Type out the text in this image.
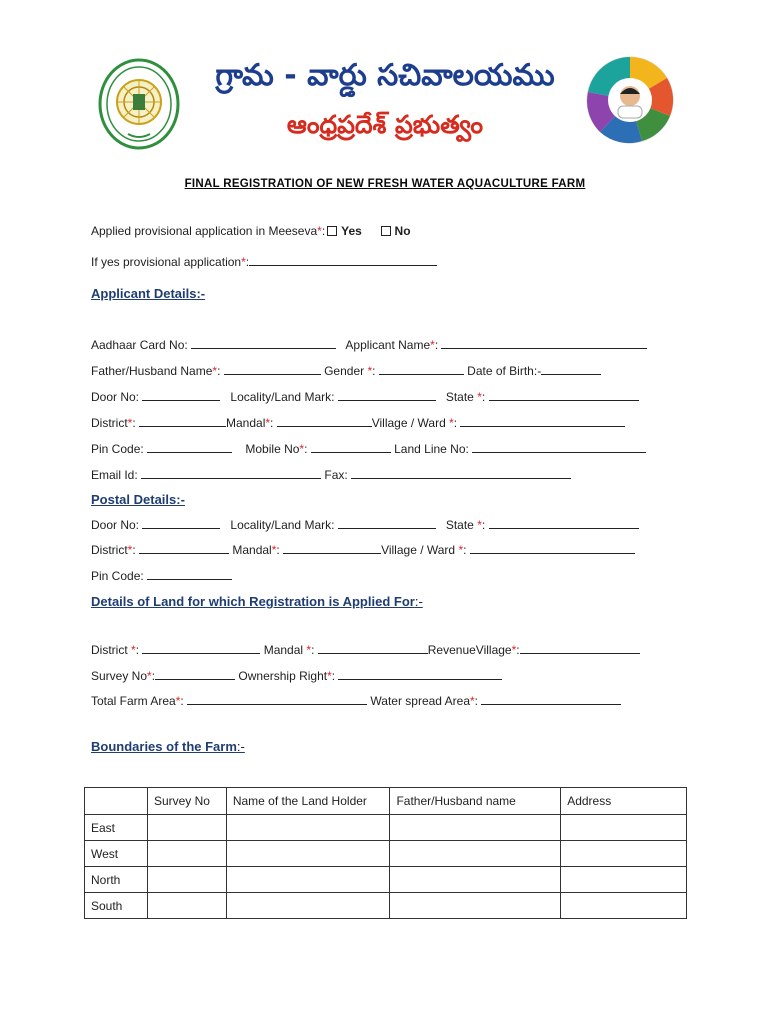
గ్రామ - వార్డు సచివాలయము
ఆంధ్రప్రదేశ్ ప్రభుత్వం
FINAL REGISTRATION OF NEW FRESH WATER AQUACULTURE FARM
Applied provisional application in Meeseva*: Yes	No
If yes provisional application*:
Applicant Details:-
Aadhaar Card No:	Applicant Name*:
Father/Husband Name*:	Gender *:	Date of Birth:-
Door No:	Locality/Land Mark:	State *:
District*:	Mandal*:	Village / Ward *:
Pin Code:	Mobile No*:	Land Line No:
Email Id:	Fax:
Postal Details:-
Door No:	Locality/Land Mark:	State *:
District*:	Mandal*:	Village / Ward *:
Pin Code:
Details of Land for which Registration is Applied For:-
District *:	Mandal *:	RevenueVillage*:
Survey No*:	Ownership Right*:
Total Farm Area*:	Water spread Area*:
Boundaries of the Farm:-
	Survey No	Name of the Land Holder	Father/Husband name	Address
East				
West				
North				
South				
